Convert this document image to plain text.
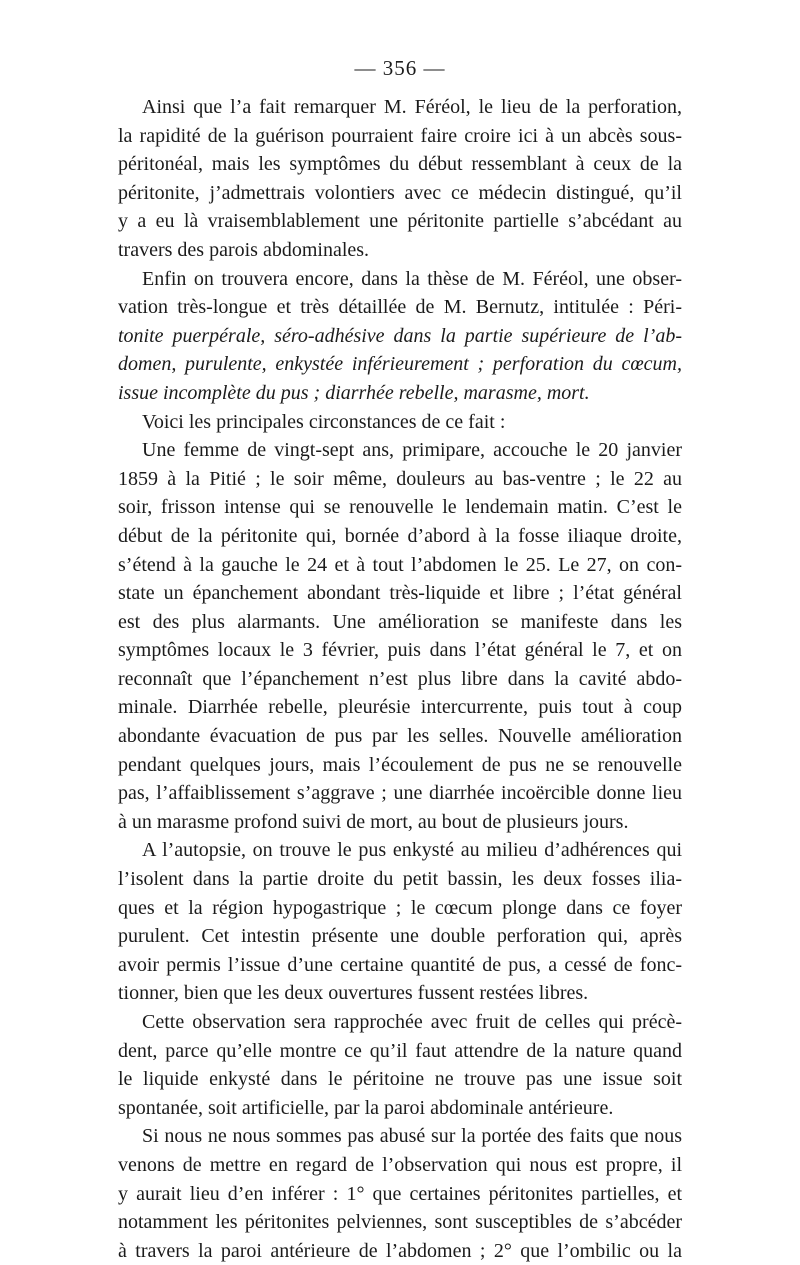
— 356 —
Ainsi que l’a fait remarquer M. Féréol, le lieu de la perforation,
la rapidité de la guérison pourraient faire croire ici à un abcès sous-
péritonéal, mais les symptômes du début ressemblant à ceux de la
péritonite, j’admettrais volontiers avec ce médecin distingué, qu’il
y a eu là vraisemblablement une péritonite partielle s’abcédant au
travers des parois abdominales.
Enfin on trouvera encore, dans la thèse de M. Féréol, une obser-
vation très-longue et très détaillée de M. Bernutz, intitulée : Péri-
tonite puerpérale, séro-adhésive dans la partie supérieure de l’ab-
domen, purulente, enkystée inférieurement ; perforation du cœcum,
issue incomplète du pus ; diarrhée rebelle, marasme, mort.
Voici les principales circonstances de ce fait :
Une femme de vingt-sept ans, primipare, accouche le 20 janvier
1859 à la Pitié ; le soir même, douleurs au bas-ventre ; le 22 au
soir, frisson intense qui se renouvelle le lendemain matin. C’est le
début de la péritonite qui, bornée d’abord à la fosse iliaque droite,
s’étend à la gauche le 24 et à tout l’abdomen le 25. Le 27, on con-
state un épanchement abondant très-liquide et libre ; l’état général
est des plus alarmants. Une amélioration se manifeste dans les
symptômes locaux le 3 février, puis dans l’état général le 7, et on
reconnaît que l’épanchement n’est plus libre dans la cavité abdo-
minale. Diarrhée rebelle, pleurésie intercurrente, puis tout à coup
abondante évacuation de pus par les selles. Nouvelle amélioration
pendant quelques jours, mais l’écoulement de pus ne se renouvelle
pas, l’affaiblissement s’aggrave ; une diarrhée incoërcible donne lieu
à un marasme profond suivi de mort, au bout de plusieurs jours.
A l’autopsie, on trouve le pus enkysté au milieu d’adhérences qui
l’isolent dans la partie droite du petit bassin, les deux fosses ilia-
ques et la région hypogastrique ; le cœcum plonge dans ce foyer
purulent. Cet intestin présente une double perforation qui, après
avoir permis l’issue d’une certaine quantité de pus, a cessé de fonc-
tionner, bien que les deux ouvertures fussent restées libres.
Cette observation sera rapprochée avec fruit de celles qui précè-
dent, parce qu’elle montre ce qu’il faut attendre de la nature quand
le liquide enkysté dans le péritoine ne trouve pas une issue soit
spontanée, soit artificielle, par la paroi abdominale antérieure.
Si nous ne nous sommes pas abusé sur la portée des faits que nous
venons de mettre en regard de l’observation qui nous est propre, il
y aurait lieu d’en inférer : 1° que certaines péritonites partielles, et
notamment les péritonites pelviennes, sont susceptibles de s’abcéder
à travers la paroi antérieure de l’abdomen ; 2° que l’ombilic ou la
